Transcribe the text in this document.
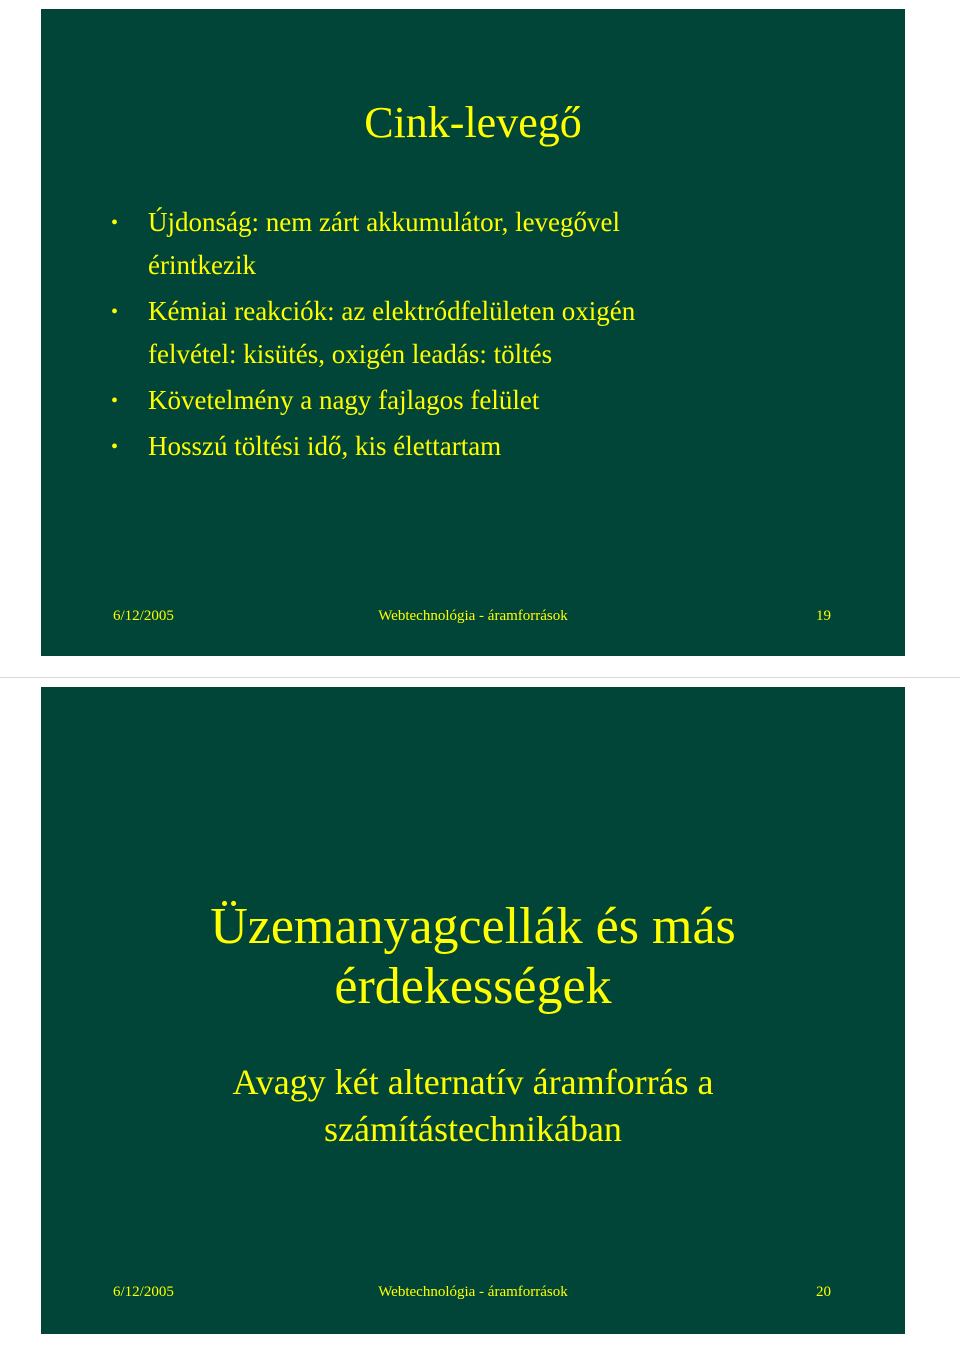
Cink-levegő
• Újdonság: nem zárt akkumulátor, levegővel
érintkezik
• Kémiai reakciók: az elektródfelületen oxigén
felvétel: kisütés, oxigén leadás: töltés
• Követelmény a nagy fajlagos felület
• Hosszú töltési idő, kis élettartam
6/12/2005	Webtechnológia - áramforrások	19
Üzemanyagcellák és más
érdekességek

Avagy két alternatív áramforrás a
számítástechnikában

6/12/2005	Webtechnológia - áramforrások	20
